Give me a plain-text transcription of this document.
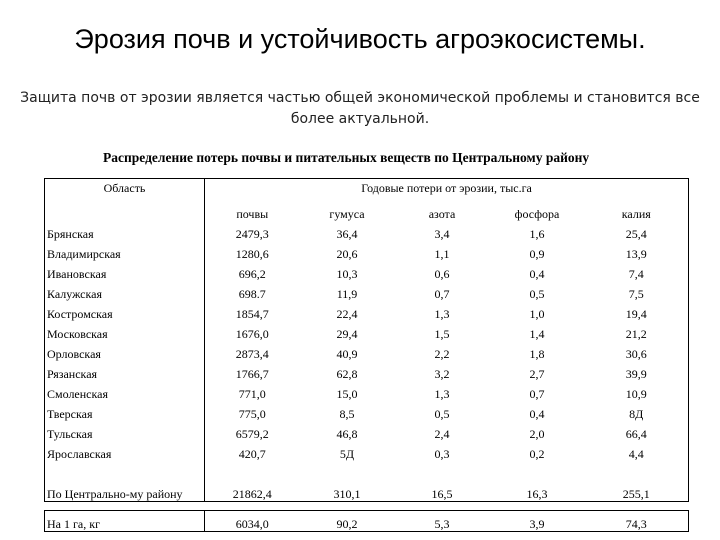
Эрозия почв и устойчивость агроэкосистемы.
Защита почв от эрозии является частью общей экономической проблемы и становится все более актуальной.
Распределение потерь почвы и питательных веществ по Центральному району
Область	Годовые потери от эрозии, тыс.га				
	почвы	гумуса	азота	фосфора	калия
Брянская	2479,3	36,4	3,4	1,6	25,4
Владимирская	1280,6	20,6	1,1	0,9	13,9
Ивановская	696,2	10,3	0,6	0,4	7,4
Калужская	698.7	11,9	0,7	0,5	7,5
Костромская	1854,7	22,4	1,3	1,0	19,4
Московская	1676,0	29,4	1,5	1,4	21,2
Орловская	2873,4	40,9	2,2	1,8	30,6
Рязанская	1766,7	62,8	3,2	2,7	39,9
Смоленская	771,0	15,0	1,3	0,7	10,9
Тверская	775,0	8,5	0,5	0,4	8Д
Тульская	6579,2	46,8	2,4	2,0	66,4
Ярославская	420,7	5Д	0,3	0,2	4,4
По Центрально-му району	21862,4	310,1	16,5	16,3	255,1

На 1 га, кг	6034,0	90,2	5,3	3,9	74,3
